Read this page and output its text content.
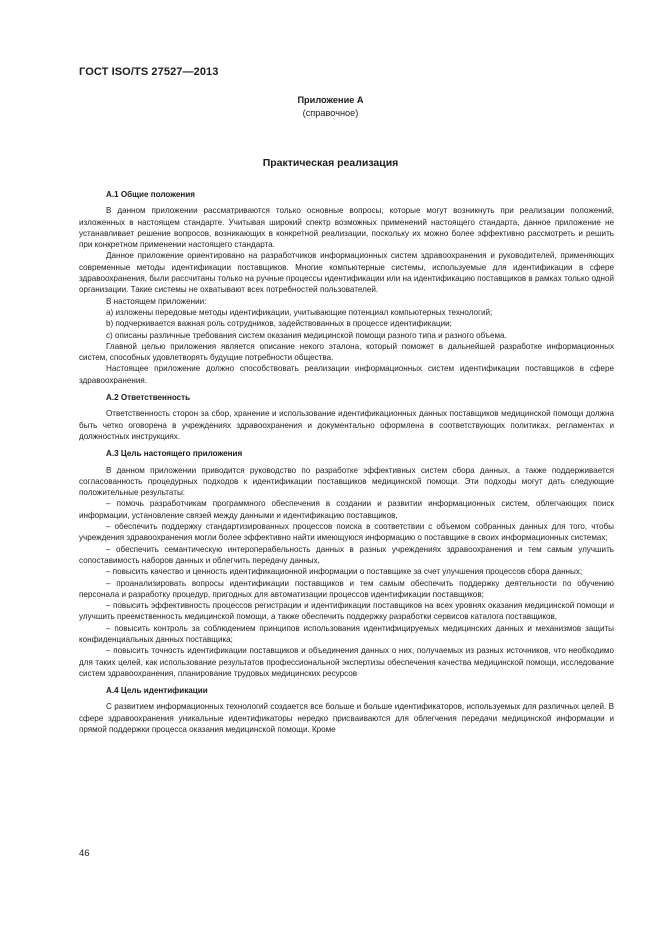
ГОСТ ISO/TS 27527—2013
Приложение А
(справочное)
Практическая реализация

А.1 Общие положения

В данном приложении рассматриваются только основные вопросы, которые могут возникнуть при реализации положений, изложенных в настоящем стандарте. Учитывая широкий спектр возможных применений настоящего стандарта, данное приложение не устанавливает решение вопросов, возникающих в конкретной реализации, поскольку их можно более эффективно рассмотреть и решить при конкретном применении настоящего стандарта.

Данное приложение ориентировано на разработчиков информационных систем здравоохранения и руководителей, применяющих современные методы идентификации поставщиков. Многие компьютерные системы, используемые для идентификации в сфере здравоохранения, были рассчитаны только на ручные процессы идентификации или на идентификацию поставщиков в рамках только одной организации. Такие системы не охватывают всех потребностей пользователей.

В настоящем приложении:

а) изложены передовые методы идентификации, учитывающие потенциал компьютерных технологий;

b) подчеркивается важная роль сотрудников, задействованных в процессе идентификации;

с) описаны различные требования систем оказания медицинской помощи разного типа и разного объема.

Главной целью приложения является описание некого эталона, который поможет в дальнейшей разработке информационных систем, способных удовлетворять будущие потребности общества.

Настоящее приложение должно способствовать реализации информационных систем идентификации поставщиков в сфере здравоохранения.

А.2 Ответственность

Ответственность сторон за сбор, хранение и использование идентификационных данных поставщиков медицинской помощи должна быть четко оговорена в учреждениях здравоохранения и документально оформлена в соответствующих политиках, регламентах и должностных инструкциях.

А.3 Цель настоящего приложения

В данном приложении приводится руководство по разработке эффективных систем сбора данных, а также поддерживается согласованность процедурных подходов к идентификации поставщиков медицинской помощи. Эти подходы могут дать следующие положительные результаты:

– помочь разработчикам программного обеспечения в создании и развитии информационных систем, облегчающих поиск информации, установление связей между данными и идентификацию поставщиков,

– обеспечить поддержку стандартизированных процессов поиска в соответствии с объемом собранных данных для того, чтобы учреждения здравоохранения могли более эффективно найти имеющуюся информацию о поставщике в своих информационных системах;

– обеспечить семантическую интероперабельность данных в разных учреждениях здравоохранения и тем самым улучшить сопоставимость наборов данных и облегчить передачу данных,

– повысить качество и ценность идентификационной информации о поставщике за счет улучшения процессов сбора данных;

– проанализировать вопросы идентификации поставщиков и тем самым обеспечить поддержку деятельности по обучению персонала и разработку процедур, пригодных для автоматизации процессов идентификации поставщиков;

– повысить эффективность процессов регистрации и идентификации поставщиков на всех уровнях оказания медицинской помощи и улучшить преемственность медицинской помощи, а также обеспечить поддержку разработки сервисов каталога поставщиков,

– повысить контроль за соблюдением принципов использования идентифицируемых медицинских данных и механизмов защиты конфиденциальных данных поставщика;

– повысить точность идентификации поставщиков и объединения данных о них, получаемых из разных источников, что необходимо для таких целей, как использование результатов профессиональной экспертизы обеспечения качества медицинской помощи, исследование систем здравоохранения, планирование трудовых медицинских ресурсов

А.4 Цель идентификации

С развитием информационных технологий создается все больше и больше идентификаторов, используемых для различных целей. В сфере здравоохранения уникальные идентификаторы нередко присваиваются для облегчения передачи медицинской информации и прямой поддержки процесса оказания медицинской помощи. Кроме

46
